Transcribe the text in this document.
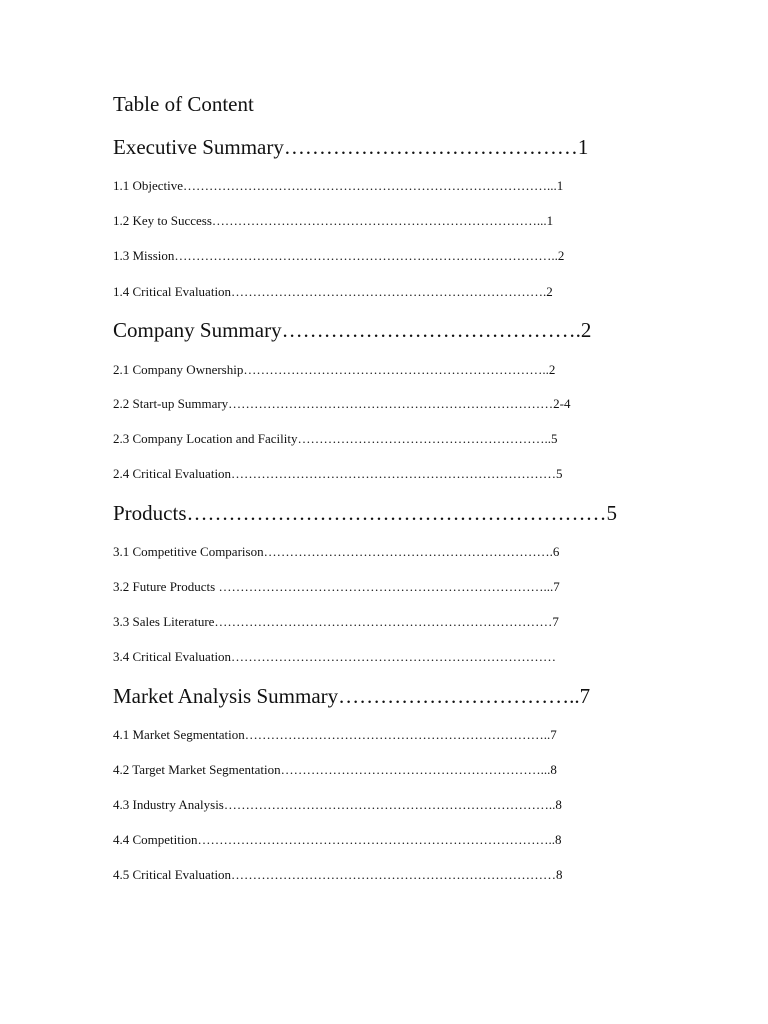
Table of Content
Executive Summary……………………………………1
1.1 Objective…………………………………………………………………………...1
1.2 Key to Success…………………………………………………………………...1
1.3 Mission……………………………………………………………………………..2
1.4 Critical Evaluation……………………………………………………………….2
Company Summary…………………………………….2
2.1 Company Ownership……………………………………………………………..2
2.2 Start-up Summary…………………………………………………………………2-4
2.3 Company Location and Facility…………………………………………………..5
2.4 Critical Evaluation…………………………………………………………………5
Products……………………………………………………5
3.1 Competitive Comparison………………………………………………………….6
3.2 Future Products …………………………………………………………………...7
3.3 Sales Literature……………………………………………………………………7
3.4 Critical Evaluation…………………………………………………………………
Market Analysis Summary……………………………..7
4.1 Market Segmentation……………………………………………………………..7
4.2 Target Market Segmentation……………………………………………………...8
4.3 Industry Analysis…………………………………………………………………..8
4.4 Competition………………………………………………………………………..8
4.5 Critical Evaluation…………………………………………………………………8
